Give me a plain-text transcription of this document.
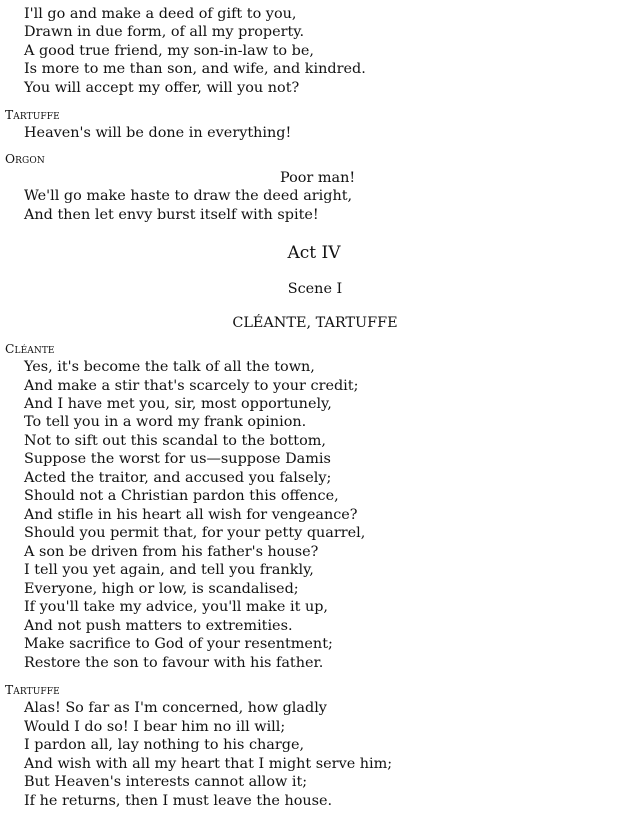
I'll go and make a deed of gift to you,
Drawn in due form, of all my property.
A good true friend, my son-in-law to be,
Is more to me than son, and wife, and kindred.
You will accept my offer, will you not?
Tartuffe
Heaven's will be done in everything!
Orgon
Poor man!
We'll go make haste to draw the deed aright,
And then let envy burst itself with spite!
Act IV
Scene I
CLÉANTE, TARTUFFE
Cléante
Yes, it's become the talk of all the town,
And make a stir that's scarcely to your credit;
And I have met you, sir, most opportunely,
To tell you in a word my frank opinion.
Not to sift out this scandal to the bottom,
Suppose the worst for us—suppose Damis
Acted the traitor, and accused you falsely;
Should not a Christian pardon this offence,
And stifle in his heart all wish for vengeance?
Should you permit that, for your petty quarrel,
A son be driven from his father's house?
I tell you yet again, and tell you frankly,
Everyone, high or low, is scandalised;
If you'll take my advice, you'll make it up,
And not push matters to extremities.
Make sacrifice to God of your resentment;
Restore the son to favour with his father.
Tartuffe
Alas! So far as I'm concerned, how gladly
Would I do so! I bear him no ill will;
I pardon all, lay nothing to his charge,
And wish with all my heart that I might serve him;
But Heaven's interests cannot allow it;
If he returns, then I must leave the house.
